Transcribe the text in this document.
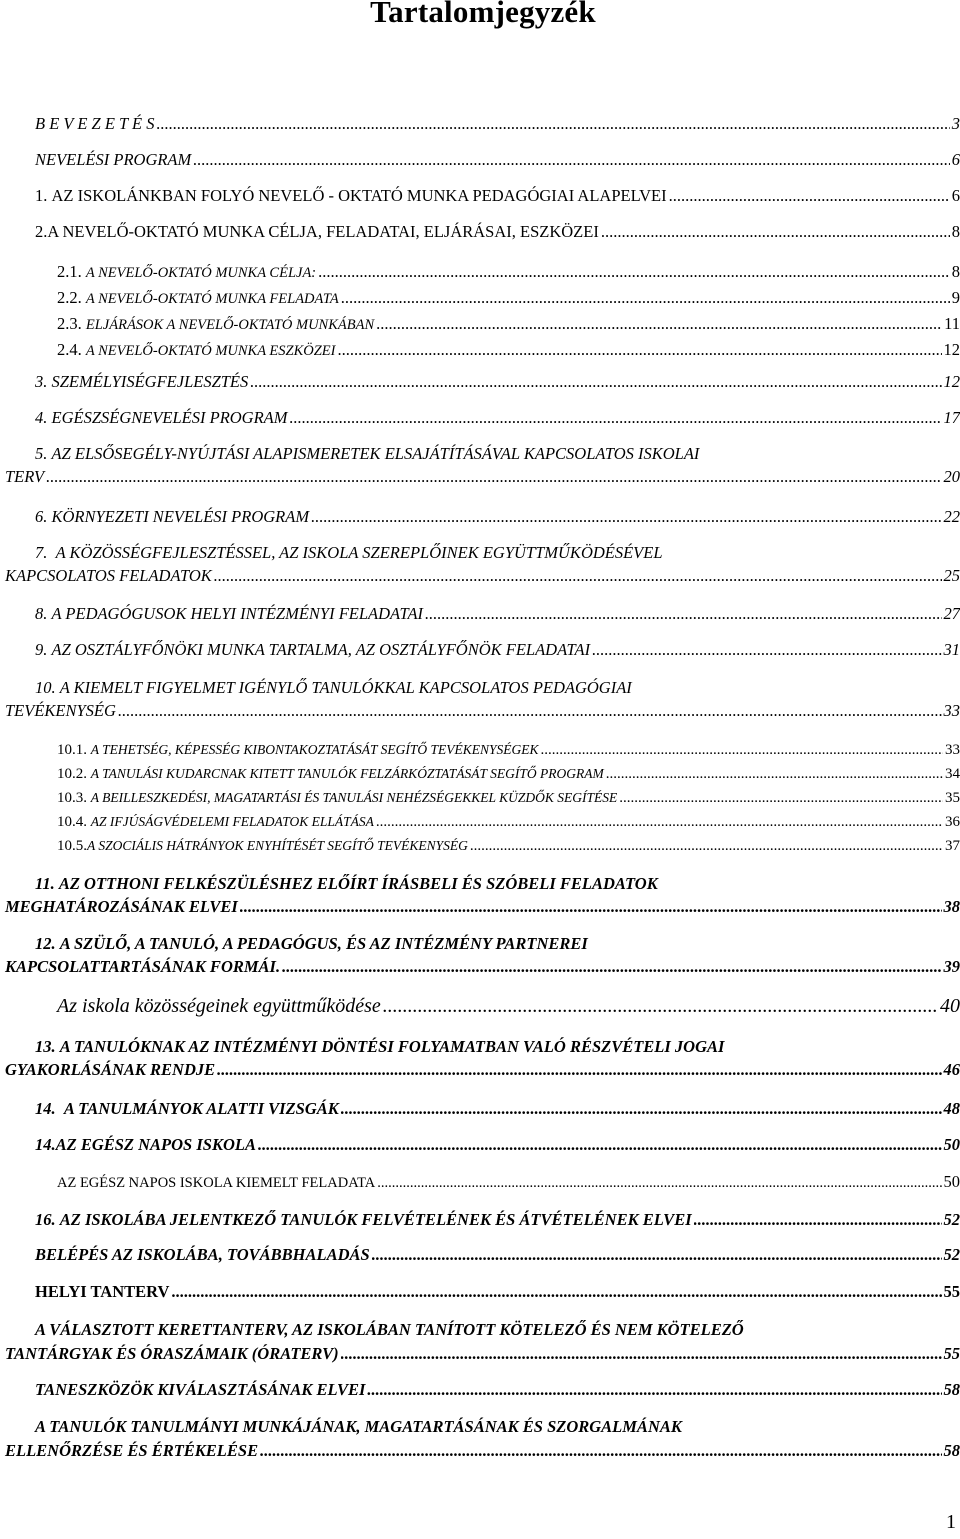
Tartalomjegyzék
B E V E Z E T É S .....	3
NEVELÉSI PROGRAM .....	6
1.
AZ ISKOLÁNKBAN FOLYÓ NEVELŐ - OKTATÓ MUNKA PEDAGÓGIAI ALAPELVEI .....	6
2. A NEVELŐ-OKTATÓ MUNKA CÉLJA, FELADATAI, ELJÁRÁSAI, ESZKÖZEI .....	8
2.1.
A NEVELŐ-OKTATÓ MUNKA CÉLJA: .....	8
2.2.
A NEVELŐ-OKTATÓ MUNKA FELADATA .....	9
2.3.
ELJÁRÁSOK A NEVELŐ-OKTATÓ MUNKÁBAN .....	11
2.4.
A NEVELŐ-OKTATÓ MUNKA ESZKÖZEI .....	12
3.
SZEMÉLYISÉGFEJLESZTÉS .....	12
4.
EGÉSZSÉGNEVELÉSI PROGRAM .....	17
5. AZ ELSŐSEGÉLY-NYÚJTÁSI ALAPISMERETEK ELSAJÁTÍTÁSÁVAL KAPCSOLATOS ISKOLAI
TERV .....	20
6.
KÖRNYEZETI NEVELÉSI PROGRAM .....	22
7. A KÖZÖSSÉGFEJLESZTÉSSEL, AZ ISKOLA SZEREPLŐINEK EGYÜTTMŰKÖDÉSÉVEL
KAPCSOLATOS FELADATOK .....	25
8.
A PEDAGÓGUSOK HELYI INTÉZMÉNYI FELADATAI .....	27
9.
AZ OSZTÁLYFŐNÖKI MUNKA TARTALMA, AZ OSZTÁLYFŐNÖK FELADATAI .....	31
10. A KIEMELT FIGYELMET IGÉNYLŐ TANULÓKKAL KAPCSOLATOS PEDAGÓGIAI
TEVÉKENYSÉG .....	33
10.1.
A TEHETSÉG, KÉPESSÉG KIBONTAKOZTATÁSÁT SEGÍTŐ TEVÉKENYSÉGEK .....	33
10.2.
A TANULÁSI KUDARCNAK KITETT TANULÓK FELZÁRKÓZTATÁSÁT SEGÍTŐ PROGRAM .....	34
10.3.
A BEILLESZKEDÉSI, MAGATARTÁSI ÉS TANULÁSI NEHÉZSÉGEKKEL KÜZDŐK SEGÍTÉSE .....	35
10.4.
AZ IFJÚSÁGVÉDELEMI FELADATOK ELLÁTÁSA .....	36
10.5. A SZOCIÁLIS HÁTRÁNYOK ENYHÍTÉSÉT SEGÍTŐ TEVÉKENYSÉG .....	37
11. AZ OTTHONI FELKÉSZÜLÉSHEZ ELŐÍRT ÍRÁSBELI ÉS SZÓBELI FELADATOK
MEGHATÁROZÁSÁNAK ELVEI .....	38
12. A SZÜLŐ, A TANULÓ, A PEDAGÓGUS, ÉS AZ INTÉZMÉNY PARTNEREI
KAPCSOLATTARTÁSÁNAK FORMÁI. .....	39
Az iskola közösségeinek együttműködése .....	40
13. A TANULÓKNAK AZ INTÉZMÉNYI DÖNTÉSI FOLYAMATBAN VALÓ RÉSZVÉTELI JOGAI
GYAKORLÁSÁNAK RENDJE .....	46
14.
A TANULMÁNYOK ALATTI VIZSGÁK .....	48
14. AZ EGÉSZ NAPOS ISKOLA .....	50
AZ EGÉSZ NAPOS ISKOLA KIEMELT FELADATA .....	50
16.
AZ ISKOLÁBA JELENTKEZŐ TANULÓK FELVÉTELÉNEK ÉS ÁTVÉTELÉNEK ELVEI .....	52
BELÉPÉS AZ ISKOLÁBA, TOVÁBBHALADÁS .....	52
HELYI TANTERV .....	55
A VÁLASZTOTT KERETTANTERV, AZ ISKOLÁBAN TANÍTOTT KÖTELEZŐ ÉS NEM KÖTELEZŐ
TANTÁRGYAK ÉS ÓRASZÁMAIK (ÓRATERV) .....	55
TANESZKÖZÖK KIVÁLASZTÁSÁNAK ELVEI .....	58
A TANULÓK TANULMÁNYI MUNKÁJÁNAK, MAGATARTÁSÁNAK ÉS SZORGALMÁNAK
ELLENŐRZÉSE ÉS ÉRTÉKELÉSE .....	58
1
